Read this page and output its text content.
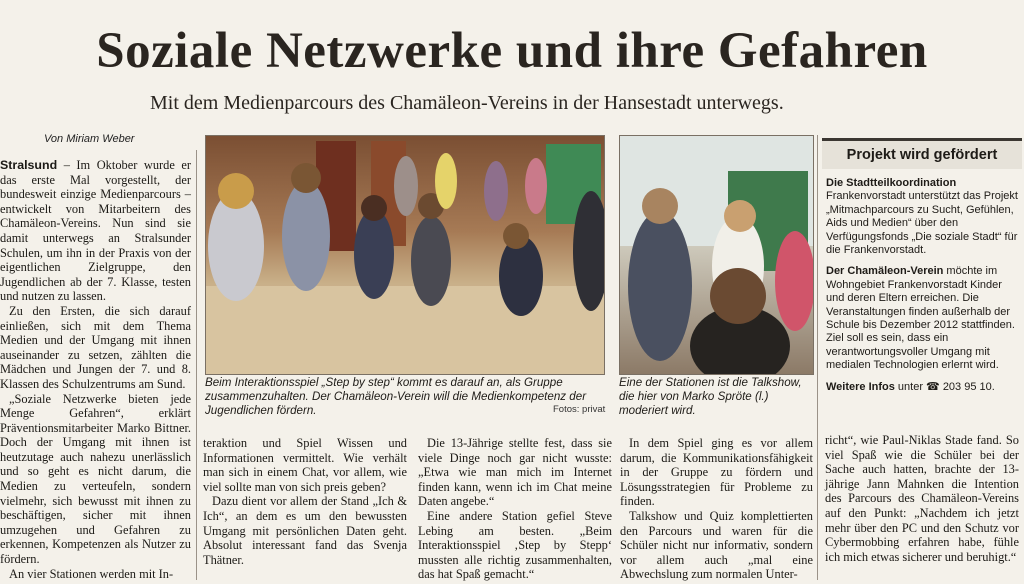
Soziale Netzwerke und ihre Gefahren
Mit dem Medienparcours des Chamäleon-Vereins in der Hansestadt unterwegs.
Von Miriam Weber

Stralsund – Im Oktober wurde er das erste Mal vorgestellt, der bundesweit einzige Medienparcours – entwickelt von Mitarbeitern des Chamäleon-Vereins. Nun sind sie damit unterwegs an Stralsunder Schulen, um ihn in der Praxis von der eigentlichen Zielgruppe, den Jugendlichen ab der 7. Klasse, testen und nutzen zu lassen.

Zu den Ersten, die sich darauf einließen, sich mit dem Thema Medien und der Umgang mit ihnen auseinander zu setzen, zählten die Mädchen und Jungen der 7. und 8. Klassen des Schulzentrums am Sund.

„Soziale Netzwerke bieten jede Menge Gefahren“, erklärt Präventionsmitarbeiter Marko Bittner. Doch der Umgang mit ihnen ist heutzutage auch nahezu unerlässlich und so geht es nicht darum, die Medien zu verteufeln, sondern vielmehr, sich bewusst mit ihnen zu beschäftigen, sicher mit ihnen umzugehen und Gefahren zu erkennen, Kompetenzen als Nutzer zu fördern.

An vier Stationen werden mit In-

Beim Interaktionsspiel „Step by step“ kommt es darauf an, als Gruppe zusammenzuhalten. Der Chamäleon-Verein will die Medienkompetenz der Jugendlichen fördern.	Fotos: privat
Eine der Stationen ist die Talkshow, die hier von Marko Spröte (l.) moderiert wird.
Projekt wird gefördert

Die Stadtteilkoordination Frankenvorstadt unterstützt das Projekt „Mitmachparcours zu Sucht, Gefühlen, Aids und Medien“ über den Verfügungsfonds „Die soziale Stadt“ für die Frankenvorstadt.

Der Chamäleon-Verein möchte im Wohngebiet Frankenvorstadt Kinder und deren Eltern erreichen. Die Veranstaltungen finden außerhalb der Schule bis Dezember 2012 stattfinden. Ziel soll es sein, dass ein verantwortungsvoller Umgang mit medialen Technologien erlernt wird.

Weitere Infos unter ☎ 203 95 10.

teraktion und Spiel Wissen und Informationen vermittelt. Wie verhält man sich in einem Chat, vor allem, wie viel sollte man von sich preis geben?

Dazu dient vor allem der Stand „Ich & Ich“, an dem es um den bewussten Umgang mit persönlichen Daten geht. Absolut interessant fand das Svenja Thätner.

Die 13-Jährige stellte fest, dass sie viele Dinge noch gar nicht wusste: „Etwa wie man mich im Internet finden kann, wenn ich im Chat meine Daten angebe.“

Eine andere Station gefiel Steve Lebing am besten. „Beim Interaktionsspiel ‚Step by Stepp‘ mussten alle richtig zusammenhalten, das hat Spaß gemacht.“

In dem Spiel ging es vor allem darum, die Kommunikationsfähigkeit in der Gruppe zu fördern und Lösungsstrategien für Probleme zu finden.

Talkshow und Quiz komplettierten den Parcours und waren für die Schüler nicht nur informativ, sondern vor allem auch „mal eine Abwechslung zum normalen Unter-

richt“, wie Paul-Niklas Stade fand. So viel Spaß wie die Schüler bei der Sache auch hatten, brachte der 13-jährige Jann Mahnken die Intention des Parcours des Chamäleon-Vereins auf den Punkt: „Nachdem ich jetzt mehr über den PC und den Schutz vor Cybermobbing erfahren habe, fühle ich mich etwas sicherer und beruhigt.“
